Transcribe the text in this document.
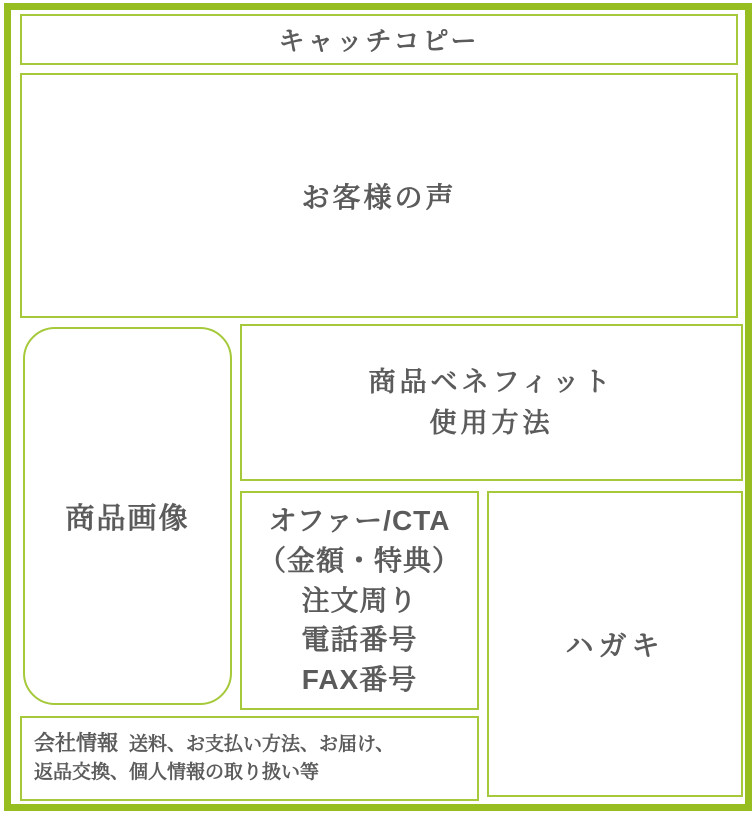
キャッチコピー
お客様の声
商品画像
商品ベネフィット
使用方法
オファー/CTA
（金額・特典）
注文周り
電話番号
FAX番号
ハガキ
会社情報 送料、お支払い方法、お届け、
返品交換、個人情報の取り扱い等
